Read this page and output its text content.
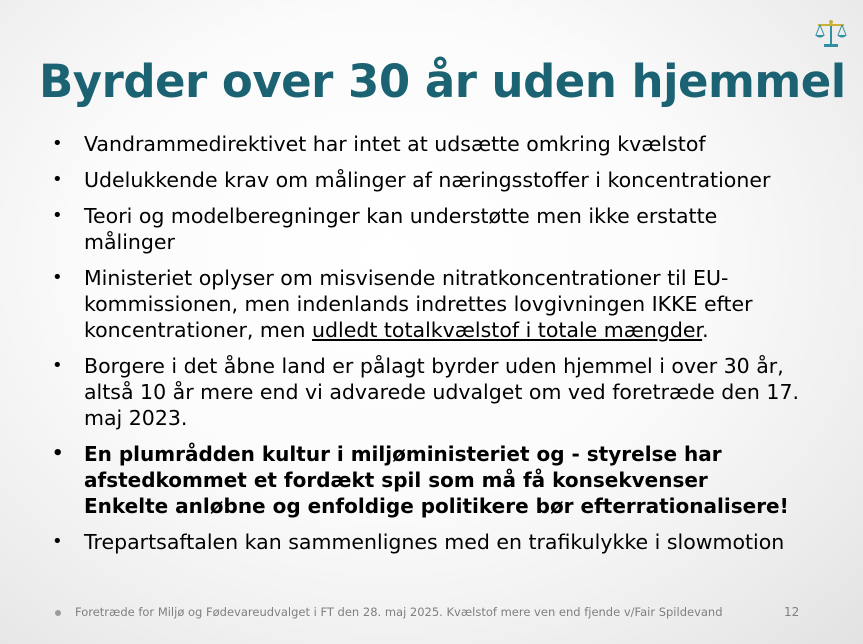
Byrder over 30 år uden hjemmel
• Vandrammedirektivet har intet at udsætte omkring kvælstof
• Udelukkende krav om målinger af næringsstoffer i koncentrationer
• Teori og modelberegninger kan understøtte men ikke erstatte
målinger
• Ministeriet oplyser om misvisende nitratkoncentrationer til EU-
kommissionen, men indenlands indrettes lovgivningen IKKE efter
koncentrationer, men udledt totalkvælstof i totale mængder.
• Borgere i det åbne land er pålagt byrder uden hjemmel i over 30 år,
altså 10 år mere end vi advarede udvalget om ved foretræde den 17.
maj 2023.
• En plumrådden kultur i miljøministeriet og - styrelse har
afstedkommet et fordækt spil som må få konsekvenser
Enkelte anløbne og enfoldige politikere bør efterrationalisere!
• Trepartsaftalen kan sammenlignes med en trafikulykke i slowmotion
Foretræde for Miljø og Fødevareudvalget i FT den 28. maj 2025. Kvælstof mere ven end fjende v/Fair Spildevand	12
